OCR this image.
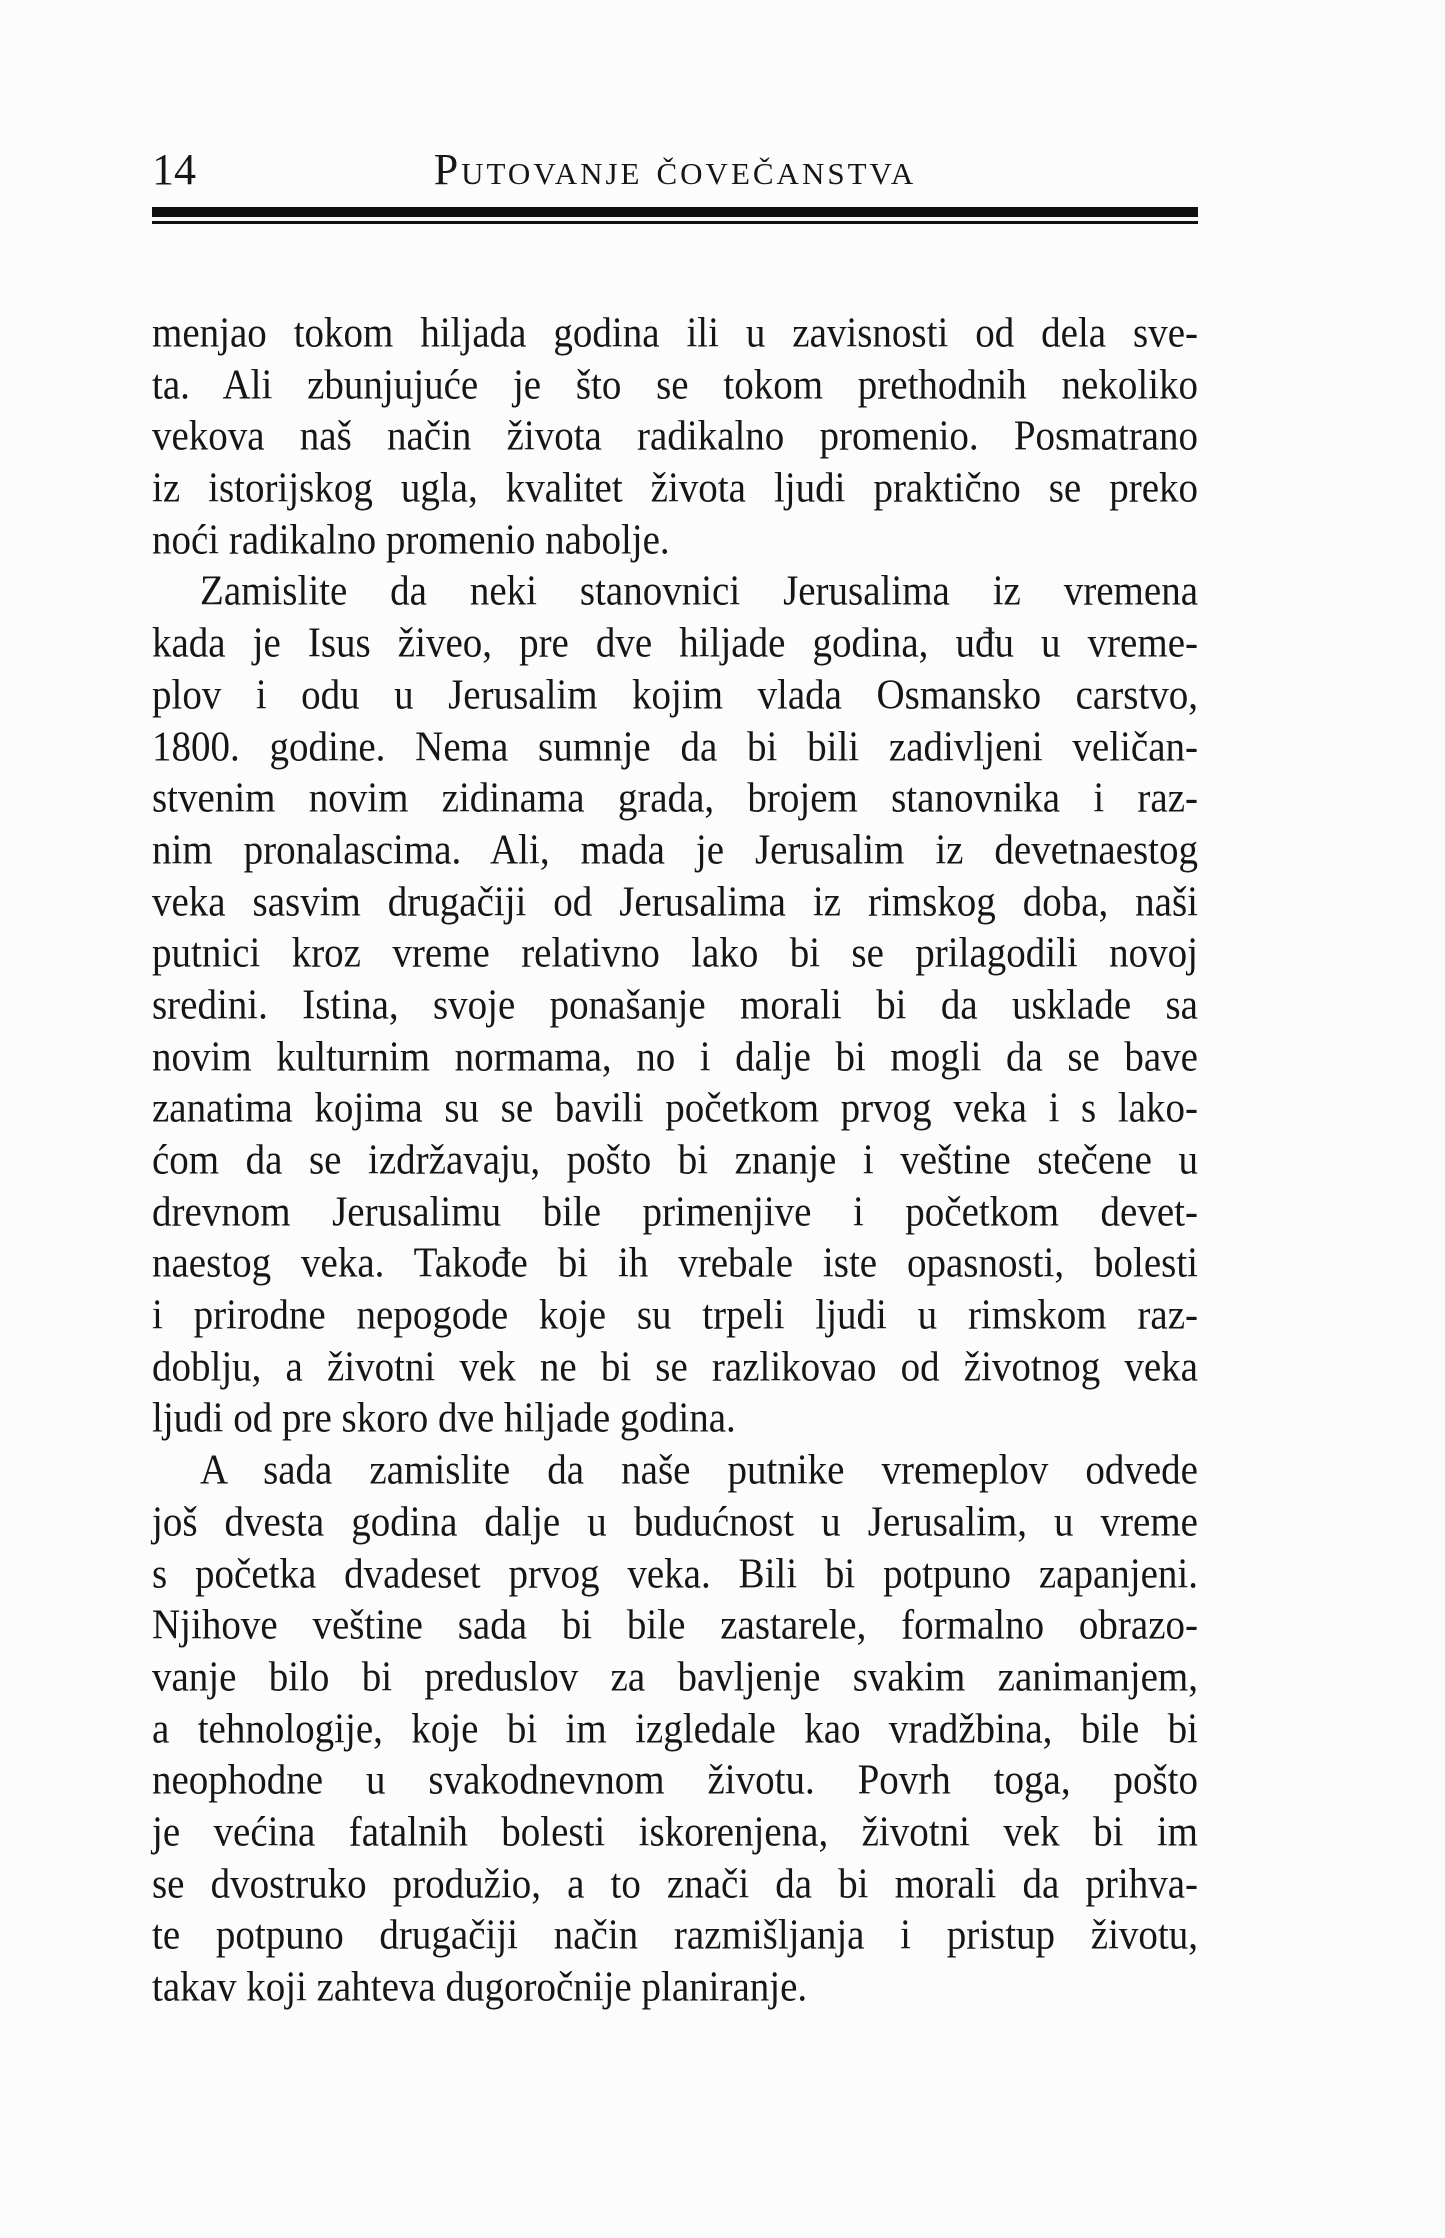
14	Putovanje čovečanstva
menjao tokom hiljada godina ili u zavisnosti od dela sve-
ta. Ali zbunjujuće je što se tokom prethodnih nekoliko
vekova naš način života radikalno promenio. Posmatrano
iz istorijskog ugla, kvalitet života ljudi praktično se preko
noći radikalno promenio nabolje.
Zamislite da neki stanovnici Jerusalima iz vremena
kada je Isus živeo, pre dve hiljade godina, uđu u vreme-
plov i odu u Jerusalim kojim vlada Osmansko carstvo,
1800. godine. Nema sumnje da bi bili zadivljeni veličan-
stvenim novim zidinama grada, brojem stanovnika i raz-
nim pronalascima. Ali, mada je Jerusalim iz devetnaestog
veka sasvim drugačiji od Jerusalima iz rimskog doba, naši
putnici kroz vreme relativno lako bi se prilagodili novoj
sredini. Istina, svoje ponašanje morali bi da usklade sa
novim kulturnim normama, no i dalje bi mogli da se bave
zanatima kojima su se bavili početkom prvog veka i s lako-
ćom da se izdržavaju, pošto bi znanje i veštine stečene u
drevnom Jerusalimu bile primenjive i početkom devet-
naestog veka. Takođe bi ih vrebale iste opasnosti, bolesti
i prirodne nepogode koje su trpeli ljudi u rimskom raz-
doblju, a životni vek ne bi se razlikovao od životnog veka
ljudi od pre skoro dve hiljade godina.
A sada zamislite da naše putnike vremeplov odvede
još dvesta godina dalje u budućnost u Jerusalim, u vreme
s početka dvadeset prvog veka. Bili bi potpuno zapanjeni.
Njihove veštine sada bi bile zastarele, formalno obrazo-
vanje bilo bi preduslov za bavljenje svakim zanimanjem,
a tehnologije, koje bi im izgledale kao vradžbina, bile bi
neophodne u svakodnevnom životu. Povrh toga, pošto
je većina fatalnih bolesti iskorenjena, životni vek bi im
se dvostruko produžio, a to znači da bi morali da prihva-
te potpuno drugačiji način razmišljanja i pristup životu,
takav koji zahteva dugoročnije planiranje.
